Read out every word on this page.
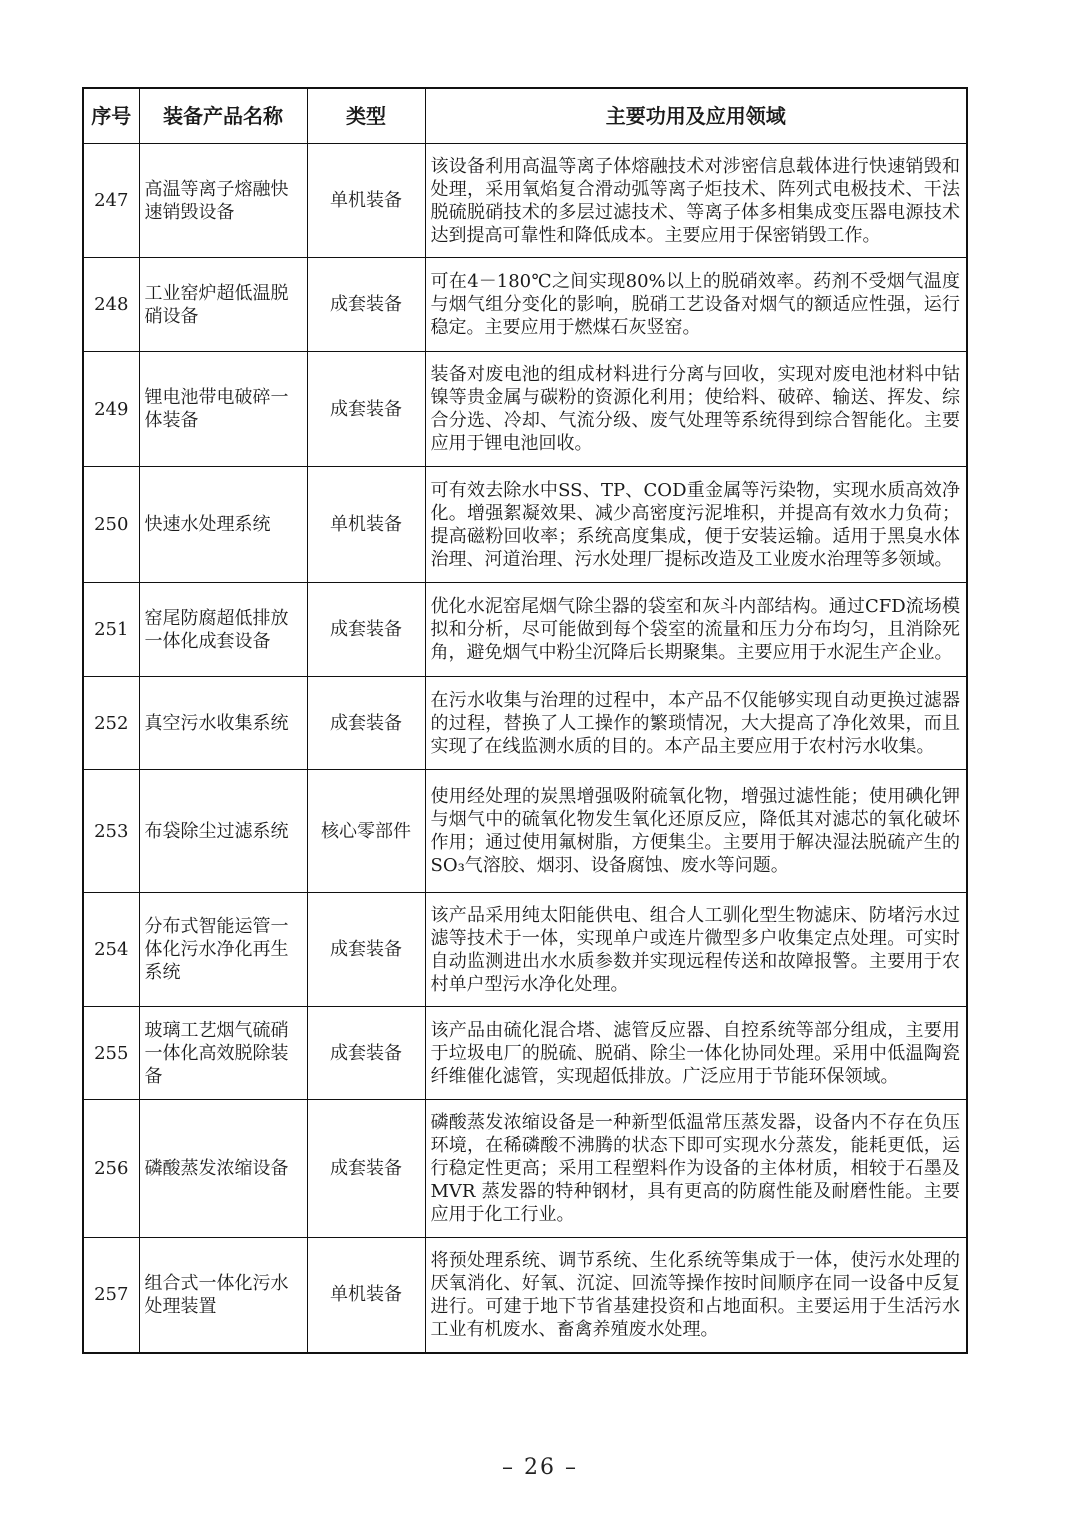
序号	装备产品名称	类型	主要功用及应用领域
247	高温等离子熔融快速销毁设备	单机装备	该设备利用高温等离子体熔融技术对涉密信息载体进行快速销毁和处理，采用氧焰复合滑动弧等离子炬技术、阵列式电极技术、干法脱硫脱硝技术的多层过滤技术、等离子体多相集成变压器电源技术达到提高可靠性和降低成本。主要应用于保密销毁工作。
248	工业窑炉超低温脱硝设备	成套装备	可在4－180℃之间实现80%以上的脱硝效率。药剂不受烟气温度与烟气组分变化的影响，脱硝工艺设备对烟气的额适应性强，运行稳定。主要应用于燃煤石灰竖窑。
249	锂电池带电破碎一体装备	成套装备	装备对废电池的组成材料进行分离与回收，实现对废电池材料中钴镍等贵金属与碳粉的资源化利用；使给料、破碎、输送、挥发、综合分选、冷却、气流分级、废气处理等系统得到综合智能化。主要应用于锂电池回收。
250	快速水处理系统	单机装备	可有效去除水中SS、TP、COD重金属等污染物，实现水质高效净化。增强絮凝效果、减少高密度污泥堆积，并提高有效水力负荷；提高磁粉回收率；系统高度集成，便于安装运输。适用于黑臭水体治理、河道治理、污水处理厂提标改造及工业废水治理等多领域。
251	窑尾防腐超低排放一体化成套设备	成套装备	优化水泥窑尾烟气除尘器的袋室和灰斗内部结构。通过CFD流场模拟和分析，尽可能做到每个袋室的流量和压力分布均匀，且消除死角，避免烟气中粉尘沉降后长期聚集。主要应用于水泥生产企业。
252	真空污水收集系统	成套装备	在污水收集与治理的过程中，本产品不仅能够实现自动更换过滤器的过程，替换了人工操作的繁琐情况，大大提高了净化效果，而且实现了在线监测水质的目的。本产品主要应用于农村污水收集。
253	布袋除尘过滤系统	核心零部件	使用经处理的炭黑增强吸附硫氧化物，增强过滤性能；使用碘化钾与烟气中的硫氧化物发生氧化还原反应，降低其对滤芯的氧化破坏作用；通过使用氟树脂，方便集尘。主要用于解决湿法脱硫产生的SO₃气溶胶、烟羽、设备腐蚀、废水等问题。
254	分布式智能运管一体化污水净化再生系统	成套装备	该产品采用纯太阳能供电、组合人工驯化型生物滤床、防堵污水过滤等技术于一体，实现单户或连片微型多户收集定点处理。可实时自动监测进出水水质参数并实现远程传送和故障报警。主要用于农村单户型污水净化处理。
255	玻璃工艺烟气硫硝一体化高效脱除装备	成套装备	该产品由硫化混合塔、滤管反应器、自控系统等部分组成，主要用于垃圾电厂的脱硫、脱硝、除尘一体化协同处理。采用中低温陶瓷纤维催化滤管，实现超低排放。广泛应用于节能环保领域。
256	磷酸蒸发浓缩设备	成套装备	磷酸蒸发浓缩设备是一种新型低温常压蒸发器，设备内不存在负压环境，在稀磷酸不沸腾的状态下即可实现水分蒸发，能耗更低，运行稳定性更高；采用工程塑料作为设备的主体材质，相较于石墨及MVR 蒸发器的特种钢材，具有更高的防腐性能及耐磨性能。主要应用于化工行业。
257	组合式一体化污水处理装置	单机装备	将预处理系统、调节系统、生化系统等集成于一体，使污水处理的厌氧消化、好氧、沉淀、回流等操作按时间顺序在同一设备中反复进行。可建于地下节省基建投资和占地面积。主要运用于生活污水工业有机废水、畜禽养殖废水处理。
– 26 –
